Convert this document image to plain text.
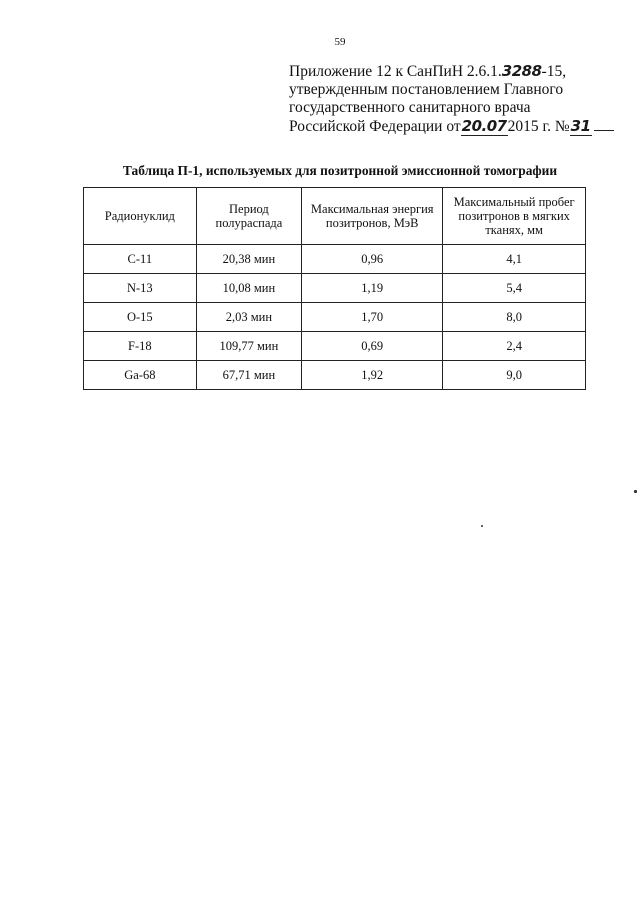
59
Приложение 12 к СанПиН 2.6.1.3288-15,
утвержденным постановлением Главного
государственного санитарного врача
Российской Федерации от 20.07 2015 г. № 31
Таблица П-1, используемых для позитронной эмиссионной томографии
Радионуклид	Период полураспада	Максимальная энергия позитронов, МэВ	Максимальный пробег позитронов в мягких тканях, мм
C-11	20,38 мин	0,96	4,1
N-13	10,08 мин	1,19	5,4
O-15	2,03 мин	1,70	8,0
F-18	109,77 мин	0,69	2,4
Ga-68	67,71 мин	1,92	9,0
